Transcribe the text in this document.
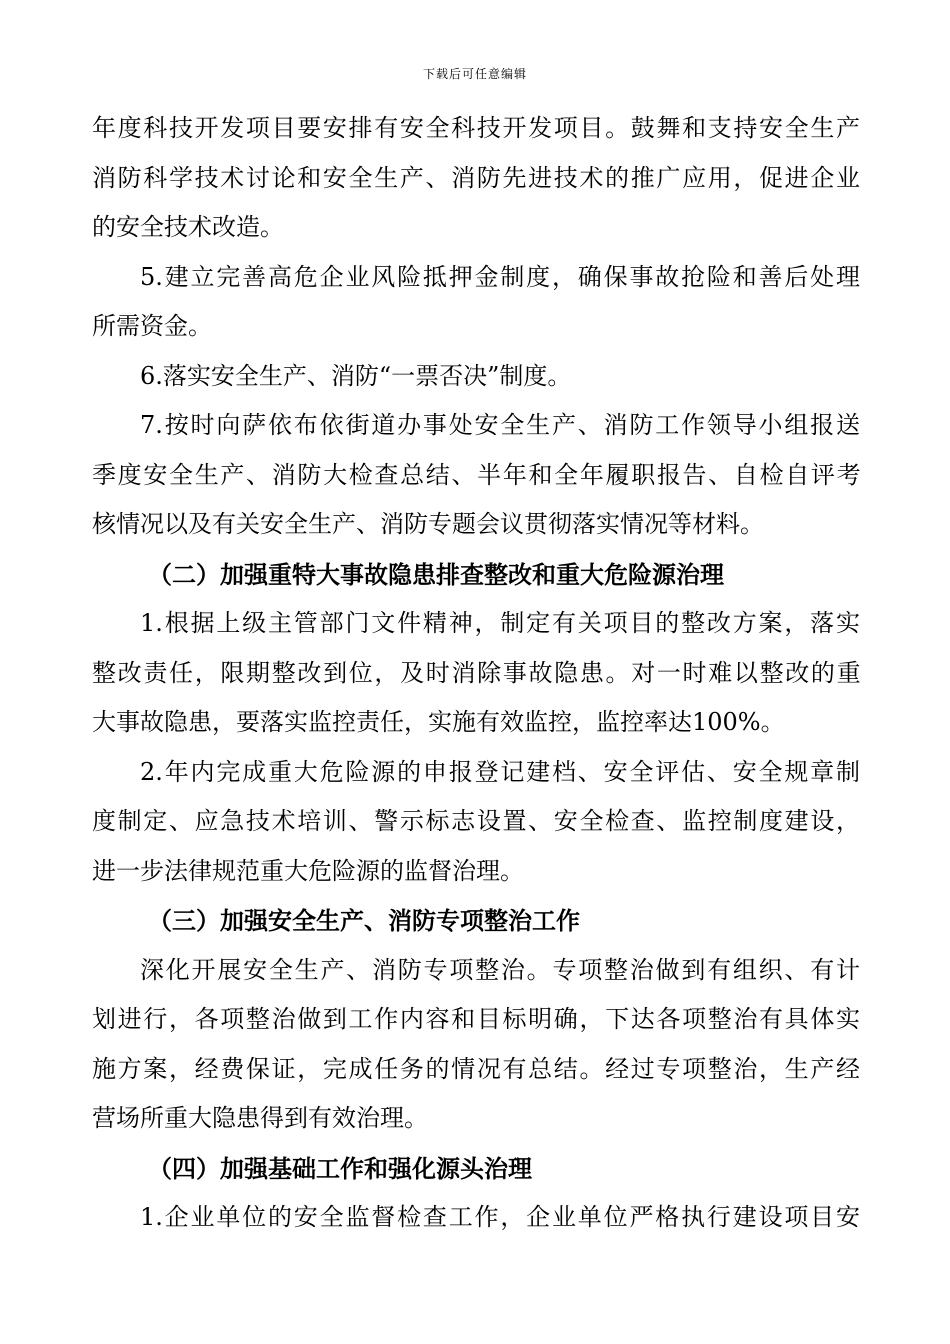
下载后可任意编辑
年度科技开发项目要安排有安全科技开发项目。鼓舞和支持安全生产
消防科学技术讨论和安全生产、消防先进技术的推广应用，促进企业
的安全技术改造。
5.建立完善高危企业风险抵押金制度，确保事故抢险和善后处理
所需资金。
6.落实安全生产、消防“一票否决”制度。
7.按时向萨依布依街道办事处安全生产、消防工作领导小组报送
季度安全生产、消防大检查总结、半年和全年履职报告、自检自评考
核情况以及有关安全生产、消防专题会议贯彻落实情况等材料。
（二）加强重特大事故隐患排查整改和重大危险源治理
1.根据上级主管部门文件精神，制定有关项目的整改方案，落实
整改责任，限期整改到位，及时消除事故隐患。对一时难以整改的重
大事故隐患，要落实监控责任，实施有效监控，监控率达100%。
2.年内完成重大危险源的申报登记建档、安全评估、安全规章制
度制定、应急技术培训、警示标志设置、安全检查、监控制度建设，
进一步法律规范重大危险源的监督治理。
（三）加强安全生产、消防专项整治工作
深化开展安全生产、消防专项整治。专项整治做到有组织、有计
划进行，各项整治做到工作内容和目标明确，下达各项整治有具体实
施方案，经费保证，完成任务的情况有总结。经过专项整治，生产经
营场所重大隐患得到有效治理。
（四）加强基础工作和强化源头治理
1.企业单位的安全监督检查工作，企业单位严格执行建设项目安
